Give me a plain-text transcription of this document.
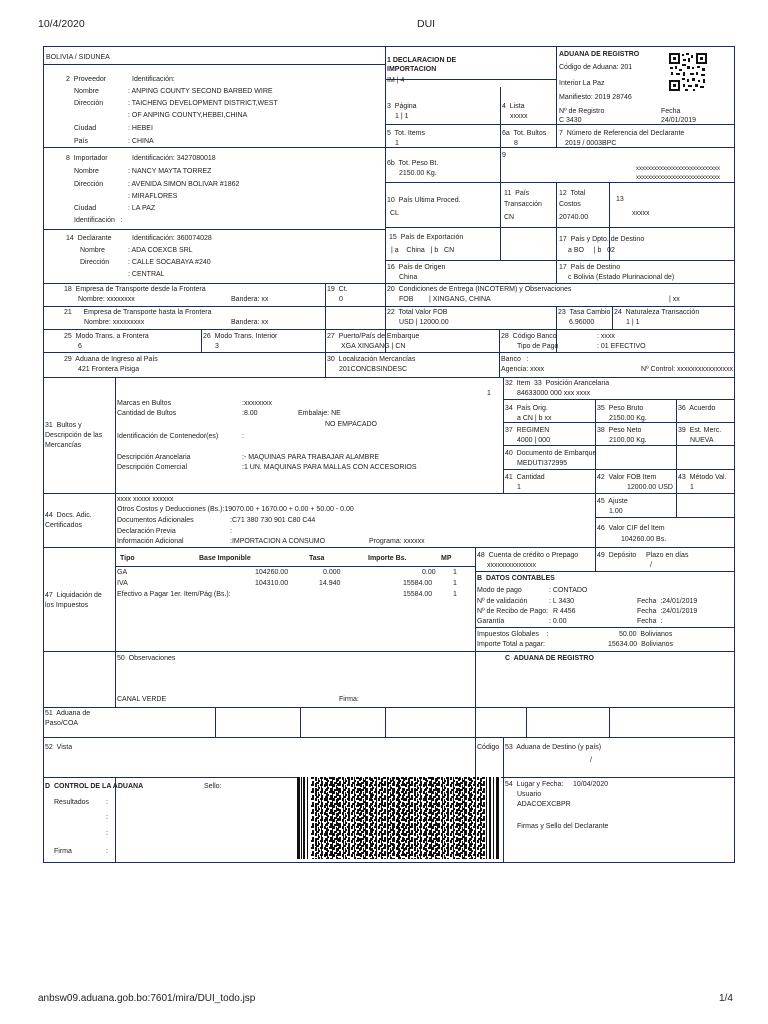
10/4/2020	DUI
BOLIVIA / SIDUNEA	1 DECLARACION DE IMPORTACION
IM | 4
ADUANA DE REGISTRO
Código de Aduana: 201
Interior La Paz
Manifiesto: 2019 28746
Nº de Registro
C 3430
Fecha
24/01/2019
2  Proveedor	Identificación:
Nombre	: ANPING COUNTY SECOND BARBED WIRE
Dirección	: TAICHENG DEVELOPMENT DISTRICT,WEST
: OF ANPING COUNTY,HEBEI,CHINA
Ciudad	: HEBEI
País	: CHINA
8  Importador	Identificación: 3427080018
Nombre	: NANCY MAYTA TORREZ
Dirección	: AVENIDA SIMON BOLIVAR #1862
: MIRAFLORES
Ciudad	: LA PAZ
Identificación   :
14  Declarante	Identificación: 360074028
Nombre	: ADA COEXCB SRL
Dirección	: CALLE SOCABAYA #240
: CENTRAL
3  Página
1 | 1
4  Lista
xxxxx
5  Tot. Items
1
6a  Tot. Bultos
8
7  Número de Referencia del Declarante
2019 / 0003BPC
6b  Tot. Peso Bt.
2150.00 Kg.
9
xxxxxxxxxxxxxxxxxxxxxxxxxxxx
xxxxxxxxxxxxxxxxxxxxxxxxxxxx
10  País Ultima Proced.
CL
11  País
Transacción
CN
12  Total
Costos
20740.00
13
xxxxx
15  País de Exportación
| a    China   | b   CN
17  País y Dpto. de Destino
a BO     | b   02
16  País de Origen
China
17  País de Destino
c Bolivia (Estado Plurinacional de)
18  Empresa de Transporte desde la Frontera
Nombre: xxxxxxxx	Bandera: xx
19  Ct.
0
20  Condiciones de Entrega (INCOTERM) y Observaciones
FOB        | XINGANG, CHINA	| xx
21      Empresa de Transporte hasta la Frontera
Nombre: xxxxxxxxx	Bandera: xx
22  Total Valor FOB
USD | 12000.00
23  Tasa Cambio
6.96000
24  Naturaleza Transacción
1 | 1
25  Modo Trans. a Frontera
6
26  Modo Trans. Interior
3
27  Puerto/País de Embarque
XGA XINGANG | CN
28  Código Banco	: xxxx
Tipo de Pago	: 01 EFECTIVO
29  Aduana de Ingreso al País
421 Frontera Pisiga
30  Localización Mercancías
201CONCBSINDESC
Banco   :
Agencia: xxxx	Nº Control: xxxxxxxxxxxxxxxx
31  Bultos y
Descripción de las
Mercancías
Marcas en Bultos	:xxxxxxxx
Cantidad de Bultos	:8.00	Embalaje: NE
NO EMPACADO
Identificación de Contenedor(es)	:
Descripción Arancelaria	:- MAQUINAS PARA TRABAJAR ALAMBRE
Descripción Comercial	:1 UN. MAQUINAS PARA MALLAS CON ACCESORIOS
32  Item
1
33  Posición Arancelaria
84633000 000 xxx xxxx
34  País Orig.
a CN | b xx
35  Peso Bruto
2150.00 Kg.
36  Acuerdo
37  REGIMEN
4000 | 000
38  Peso Neto
2100.00 Kg.
39  Est. Merc.
NUEVA
40  Documento de Embarque
MEDUTI372995
41  Cantidad
1
42  Valor FOB Item
12000.00 USD
43  Método Val.
1
45  Ajuste
1.00
46  Valor CIF del Item
104260.00 Bs.
44  Docs. Adic.
Certificados
xxxx xxxxx xxxxxx
Otros Costos y Deducciones (Bs.):19070.00 + 1670.00 + 0.00 + 50.00 - 0.00
Documentos Adicionales	:C71 380 730 901 C80 C44
Declaración Previa	:
Información Adicional	:IMPORTACION A CONSUMO	Programa: xxxxxx
47  Liquidación de
los Impuestos
Tipo	Base Imponible	Tasa	Importe Bs.	MP
GA	104260.00	0.000	0.00 1
IVA	104310.00	14.940	15584.00	1
Efectivo a Pagar 1er. Item/Pág (Bs.):	15584.00	1
48  Cuenta de crédito o Prepago
xxxxxxxxxxxxxx
49  Depósito     Plazo en días
/
B  DATOS CONTABLES
Modo de pago	: CONTADO
Nº de validación	: L 3430	Fecha  :24/01/2019
Nº de Recibo de Pago: R 4456	Fecha  :24/01/2019
Garantía	: 0.00	Fecha  :
Impuestos Globales    :	50.00  Bolivianos
Importe Total a pagar:	15634.00  Bolivianos
50  Observaciones
CANAL VERDE	Firma:
C  ADUANA DE REGISTRO
51  Aduana de
Paso/COA
52  Vista	Código 53  Aduana de Destino (y país)
/
D  CONTROL DE LA ADUANA	Sello:
Resultados :
:
:
Firma	:
54  Lugar y Fecha: 10/04/2020
Usuario
ADACOEXCBPR
Firmas y Sello del Declarante
anbsw09.aduana.gob.bo:7601/mira/DUI_todo.jsp	1/4
